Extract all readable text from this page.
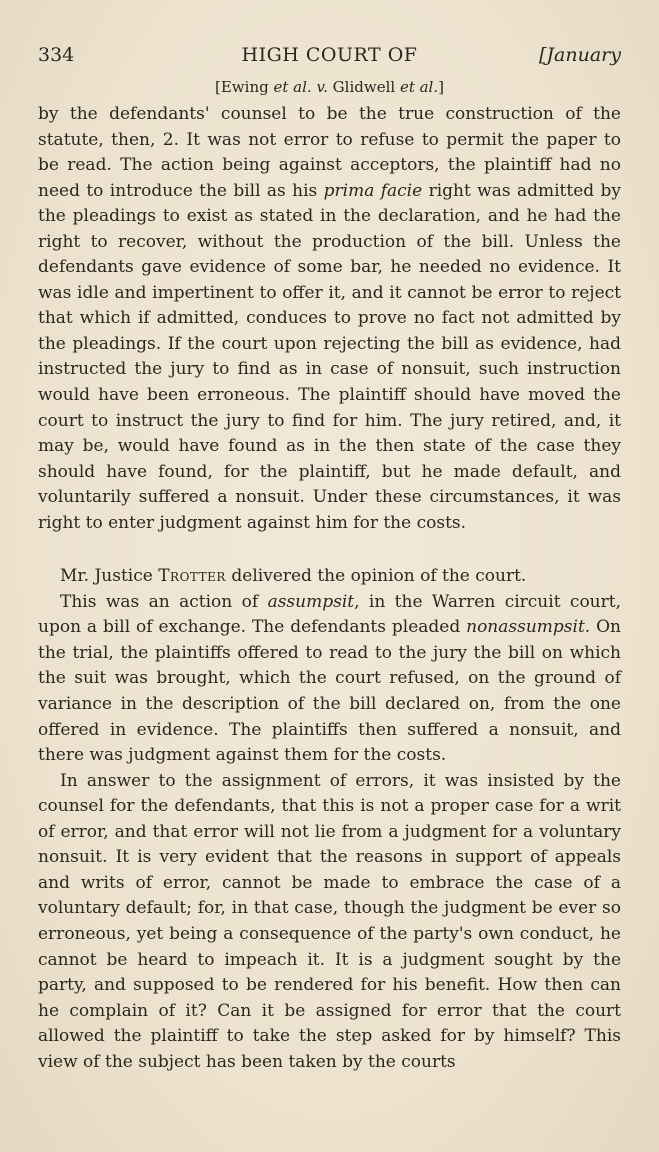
334	HIGH COURT OF	[January
[Ewing et al. v. Glidwell et al.]

by the defendants' counsel to be the true construction of the statute, then, 2. It was not error to refuse to permit the paper to be read. The action being against acceptors, the plaintiff had no need to introduce the bill as his prima facie right was admitted by the pleadings to exist as stated in the declaration, and he had the right to recover, without the production of the bill. Unless the defendants gave evidence of some bar, he needed no evidence. It was idle and impertinent to offer it, and it cannot be error to reject that which if admitted, conduces to prove no fact not admitted by the pleadings. If the court upon rejecting the bill as evidence, had instructed the jury to find as in case of nonsuit, such instruction would have been erroneous. The plaintiff should have moved the court to instruct the jury to find for him. The jury retired, and, it may be, would have found as in the then state of the case they should have found, for the plaintiff, but he made default, and voluntarily suffered a nonsuit. Under these circumstances, it was right to enter judgment against him for the costs.

Mr. Justice Trotter delivered the opinion of the court.

This was an action of assumpsit, in the Warren circuit court, upon a bill of exchange. The defendants pleaded nonassumpsit. On the trial, the plaintiffs offered to read to the jury the bill on which the suit was brought, which the court refused, on the ground of variance in the description of the bill declared on, from the one offered in evidence. The plaintiffs then suffered a nonsuit, and there was judgment against them for the costs.

In answer to the assignment of errors, it was insisted by the counsel for the defendants, that this is not a proper case for a writ of error, and that error will not lie from a judgment for a voluntary nonsuit. It is very evident that the reasons in support of appeals and writs of error, cannot be made to embrace the case of a voluntary default; for, in that case, though the judgment be ever so erroneous, yet being a consequence of the party's own conduct, he cannot be heard to impeach it. It is a judgment sought by the party, and supposed to be rendered for his benefit. How then can he complain of it? Can it be assigned for error that the court allowed the plaintiff to take the step asked for by himself? This view of the subject has been taken by the courts
